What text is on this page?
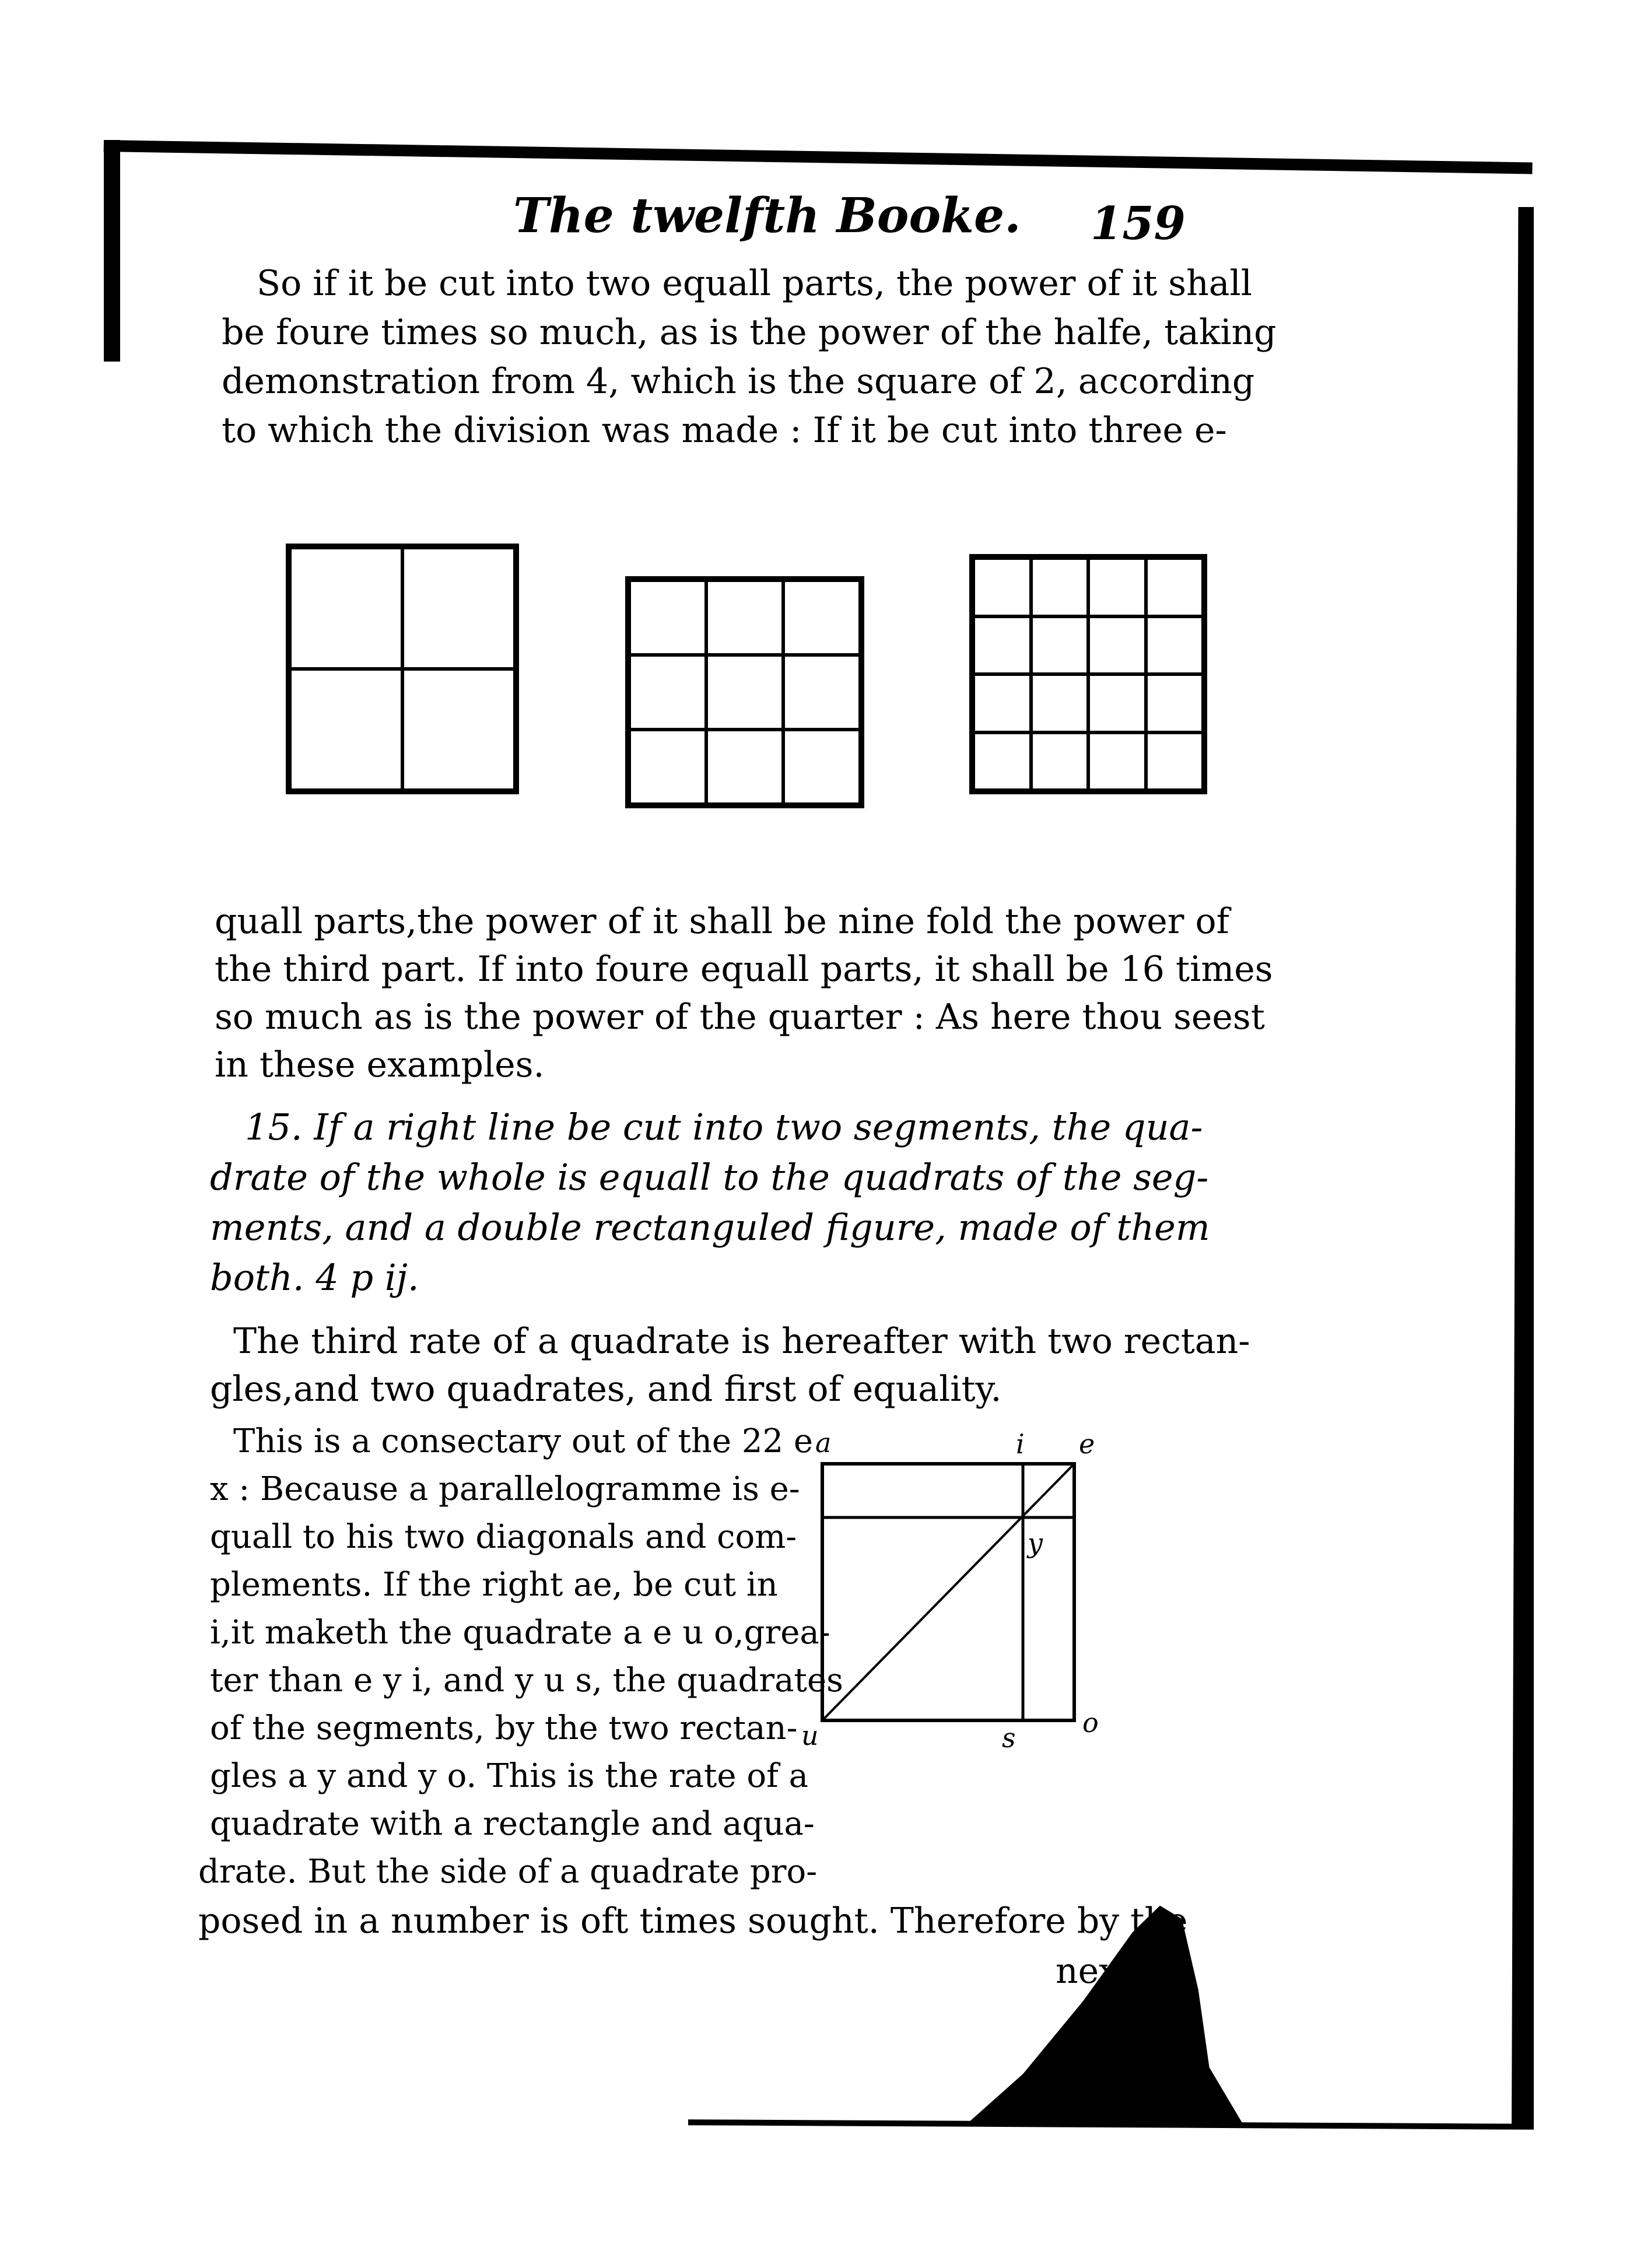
The twelfth Booke. 159
So if it be cut into two equall parts, the power of it shall
be foure times so much, as is the power of the halfe, taking
demonstration from 4, which is the square of 2, according
to which the division was made : If it be cut into three e-
quall parts,the power of it shall be nine fold the power of
the third part. If into foure equall parts, it shall be 16 times
so much as is the power of the quarter : As here thou seest
in these examples.
15. If a right line be cut into two segments, the qua-
drate of the whole is equall to the quadrats of the seg-
ments, and a double rectanguled figure, made of them
both. 4 p ij.
The third rate of a quadrate is hereafter with two rectan-
gles,and two quadrates, and first of equality.
This is a consectary out of the 22 e
x : Because a parallelogramme is e-
quall to his two diagonals and com-
plements. If the right ae, be cut in
i,it maketh the quadrate a e u o,grea-
ter than e y i, and y u s, the quadrates
of the segments, by the two rectan-
gles a y and y o. This is the rate of a
quadrate with a rectangle and aqua-
drate. But the side of a quadrate pro-
posed in a number is oft times sought. Therefore by the
next
a	i e
y
u	s o
